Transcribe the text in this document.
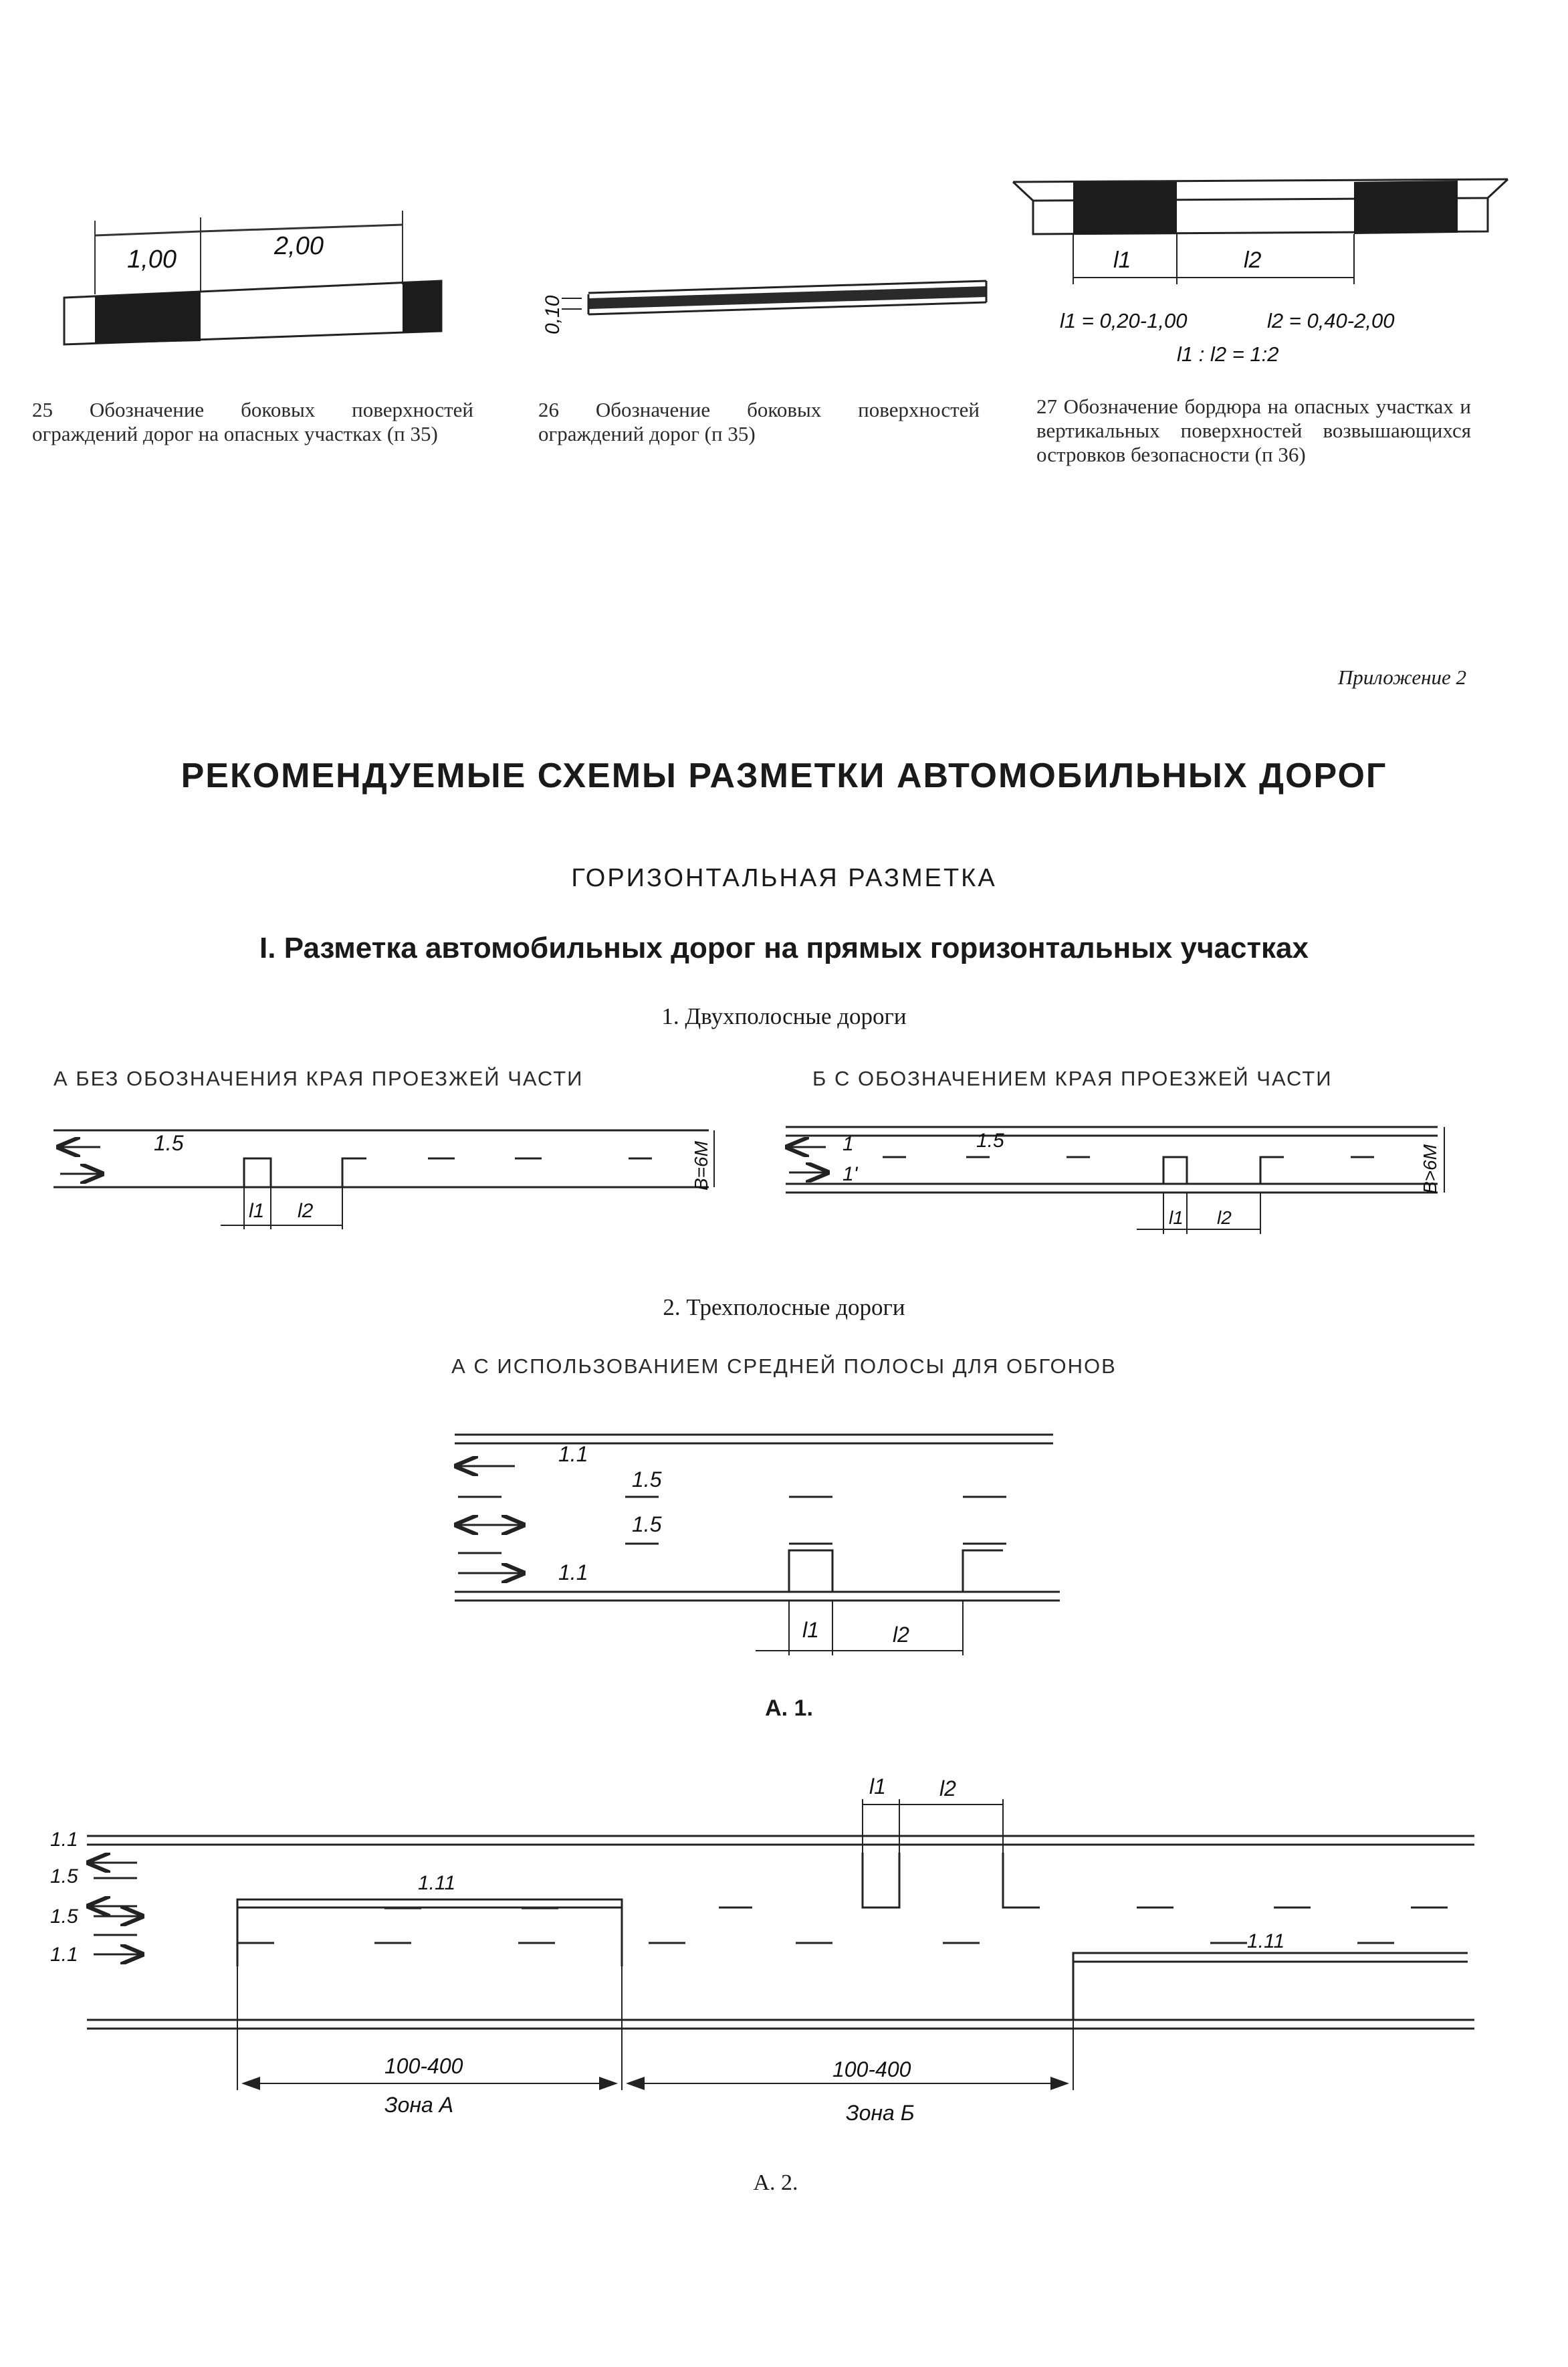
1,00	2,00
0,10
l1	l2
l1 = 0,20-1,00	l2 = 0,40-2,00
l1 : l2 = 1:2
25 Обозначение боковых поверхностей ограждений дорог на опасных участках (п 35)
26 Обозначение боковых поверхностей ограждений дорог (п 35)
27 Обозначение бордюра на опасных участках и вертикальных поверхностей возвышающихся островков безопасности (п 36)
Приложение 2
РЕКОМЕНДУЕМЫЕ СХЕМЫ РАЗМЕТКИ АВТОМОБИЛЬНЫХ ДОРОГ
ГОРИЗОНТАЛЬНАЯ РАЗМЕТКА
I. Разметка автомобильных дорог на прямых горизонтальных участках
1. Двухполосные дороги
А БЕЗ ОБОЗНАЧЕНИЯ КРАЯ ПРОЕЗЖЕЙ ЧАСТИ	Б С ОБОЗНАЧЕНИЕМ КРАЯ ПРОЕЗЖЕЙ ЧАСТИ
1.5	B=6M
l1 l2
1	1.5
1'	B>6M
l1 l2
2. Трехполосные дороги
А С ИСПОЛЬЗОВАНИЕМ СРЕДНЕЙ ПОЛОСЫ ДЛЯ ОБГОНОВ
1.1
1.5
1.5
1.1
l1	l2
А. 1.
1.1
1.5
1.5
1.1
1.11
1.11
l1	l2
100-400
Зона А
100-400
Зона Б
А. 2.
